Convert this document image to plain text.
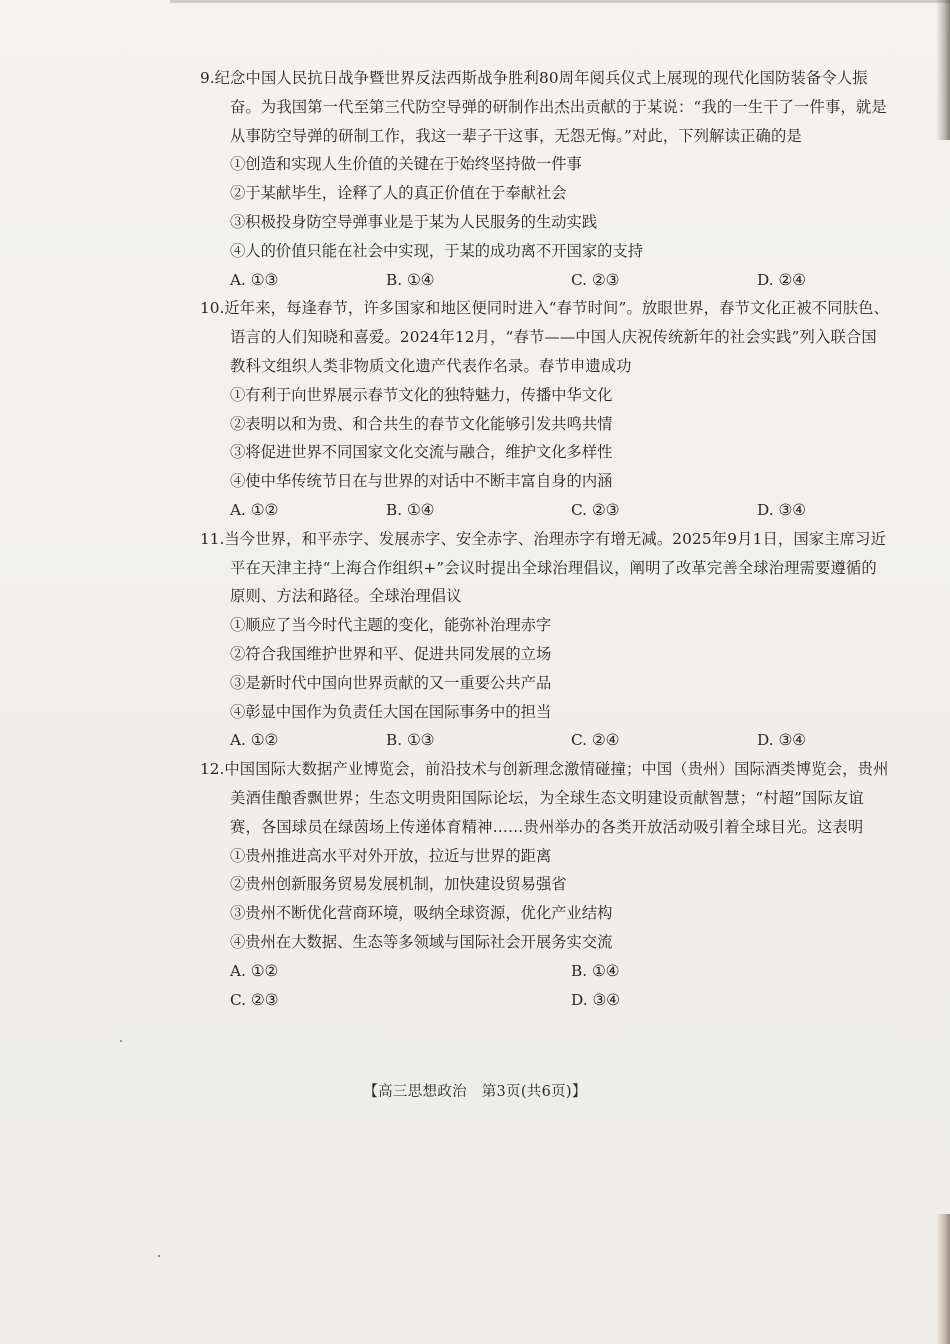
9.纪念中国人民抗日战争暨世界反法西斯战争胜利80周年阅兵仪式上展现的现代化国防装备令人振奋。为我国第一代至第三代防空导弹的研制作出杰出贡献的于某说：“我的一生干了一件事，就是从事防空导弹的研制工作，我这一辈子干这事，无怨无悔。”对此，下列解读正确的是
①创造和实现人生价值的关键在于始终坚持做一件事
②于某献毕生，诠释了人的真正价值在于奉献社会
③积极投身防空导弹事业是于某为人民服务的生动实践
④人的价值只能在社会中实现，于某的成功离不开国家的支持
A. ①③	B. ①④	C. ②③	D. ②④
10.近年来，每逢春节，许多国家和地区便同时进入“春节时间”。放眼世界，春节文化正被不同肤色、语言的人们知晓和喜爱。2024年12月，“春节——中国人庆祝传统新年的社会实践”列入联合国教科文组织人类非物质文化遗产代表作名录。春节申遗成功
①有利于向世界展示春节文化的独特魅力，传播中华文化
②表明以和为贵、和合共生的春节文化能够引发共鸣共情
③将促进世界不同国家文化交流与融合，维护文化多样性
④使中华传统节日在与世界的对话中不断丰富自身的内涵
A. ①②	B. ①④	C. ②③	D. ③④
11.当今世界，和平赤字、发展赤字、安全赤字、治理赤字有增无减。2025年9月1日，国家主席习近平在天津主持“上海合作组织+”会议时提出全球治理倡议，阐明了改革完善全球治理需要遵循的原则、方法和路径。全球治理倡议
①顺应了当今时代主题的变化，能弥补治理赤字
②符合我国维护世界和平、促进共同发展的立场
③是新时代中国向世界贡献的又一重要公共产品
④彰显中国作为负责任大国在国际事务中的担当
A. ①②	B. ①③	C. ②④	D. ③④
12.中国国际大数据产业博览会，前沿技术与创新理念激情碰撞；中国（贵州）国际酒类博览会，贵州美酒佳酿香飘世界；生态文明贵阳国际论坛，为全球生态文明建设贡献智慧；“村超”国际友谊赛，各国球员在绿茵场上传递体育精神……贵州举办的各类开放活动吸引着全球目光。这表明
①贵州推进高水平对外开放，拉近与世界的距离
②贵州创新服务贸易发展机制，加快建设贸易强省
③贵州不断优化营商环境，吸纳全球资源，优化产业结构
④贵州在大数据、生态等多领域与国际社会开展务实交流
A. ①②	B. ①④
C. ②③	D. ③④
【高三思想政治　第3页(共6页)】
